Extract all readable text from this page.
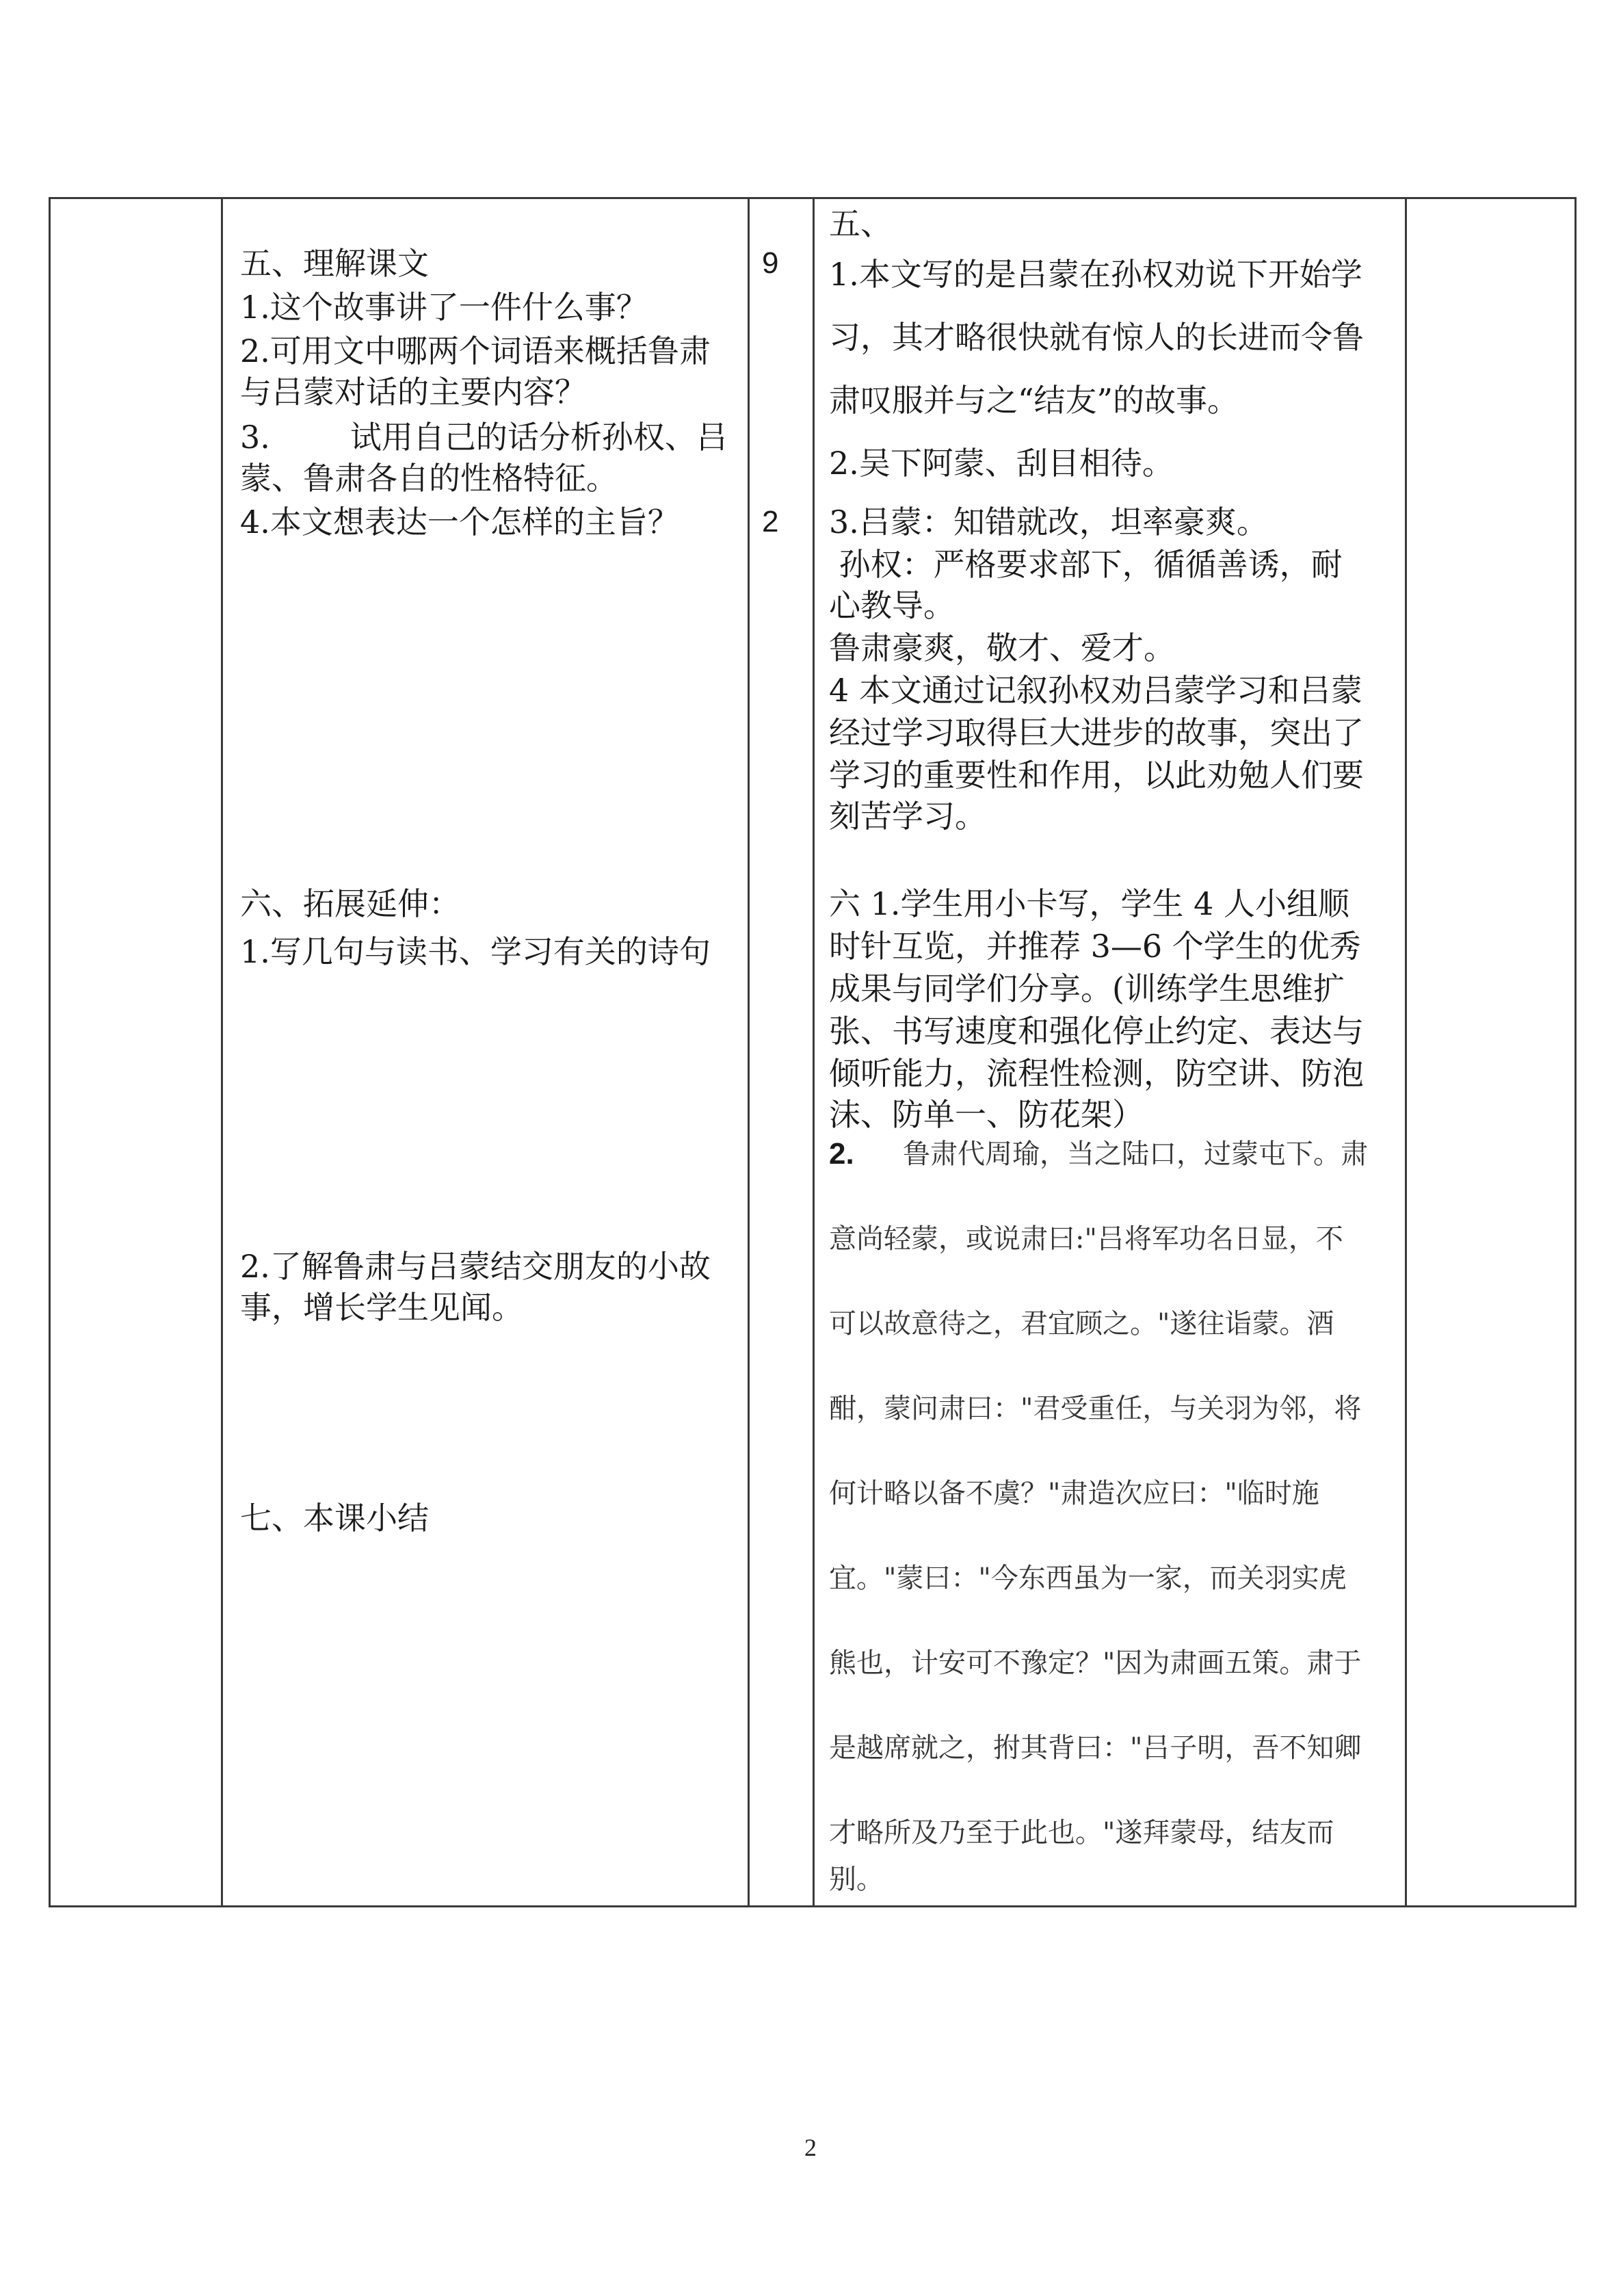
五、理解课文
1.这个故事讲了一件什么事？
2.可用文中哪两个词语来概括鲁肃
与吕蒙对话的主要内容？
3.        试用自己的话分析孙权、吕
蒙、鲁肃各自的性格特征。
4.本文想表达一个怎样的主旨？
六、拓展延伸：
1.写几句与读书、学习有关的诗句
2.了解鲁肃与吕蒙结交朋友的小故
事，增长学生见闻。
七、本课小结
9
2
五、
1.本文写的是吕蒙在孙权劝说下开始学
习，其才略很快就有惊人的长进而令鲁
肃叹服并与之“结友”的故事。
2.吴下阿蒙、刮目相待。
3.吕蒙：知错就改，坦率豪爽。
孙权：严格要求部下，循循善诱，耐
心教导。
鲁肃豪爽，敬才、爱才。
4 本文通过记叙孙权劝吕蒙学习和吕蒙
经过学习取得巨大进步的故事，突出了
学习的重要性和作用，以此劝勉人们要
刻苦学习。
六 1.学生用小卡写，学生 4 人小组顺
时针互览，并推荐 3—6 个学生的优秀
成果与同学们分享。(训练学生思维扩
张、书写速度和强化停止约定、表达与
倾听能力，流程性检测，防空讲、防泡
沫、防单一、防花架）
2. 鲁肃代周瑜，当之陆口，过蒙屯下。肃
意尚轻蒙，或说肃曰:"吕将军功名日显，不
可以故意待之，君宜顾之。"遂往诣蒙。酒
酣，蒙问肃曰："君受重任，与关羽为邻，将
何计略以备不虞？"肃造次应曰："临时施
宜。"蒙曰："今东西虽为一家，而关羽实虎
熊也，计安可不豫定？"因为肃画五策。肃于
是越席就之，拊其背曰："吕子明，吾不知卿
才略所及乃至于此也。"遂拜蒙母，结友而
别。
2
